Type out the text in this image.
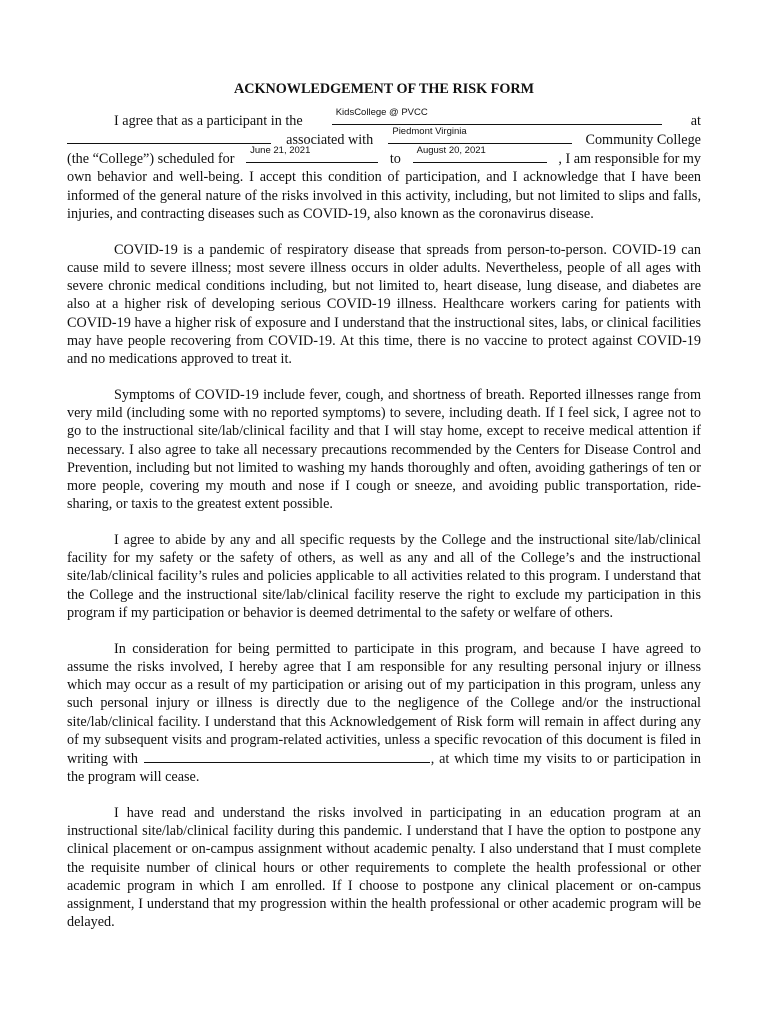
ACKNOWLEDGEMENT OF THE RISK FORM
I agree that as a participant in the
KidsCollege @ PVCC
at
associated with
Piedmont Virginia
Community College
(the “College”) scheduled for
June 21, 2021
to
August 20, 2021
, I am responsible for my
own behavior and well-being. I accept this condition of participation, and I acknowledge that I have been informed of the general nature of the risks involved in this activity, including, but not limited to slips and falls, injuries, and contracting diseases such as COVID-19, also known as the coronavirus disease.
COVID-19 is a pandemic of respiratory disease that spreads from person-to-person. COVID-19 can cause mild to severe illness; most severe illness occurs in older adults. Nevertheless, people of all ages with severe chronic medical conditions including, but not limited to, heart disease, lung disease, and diabetes are also at a higher risk of developing serious COVID-19 illness. Healthcare workers caring for patients with COVID-19 have a higher risk of exposure and I understand that the instructional sites, labs, or clinical facilities may have people recovering from COVID-19. At this time, there is no vaccine to protect against COVID-19 and no medications approved to treat it.
Symptoms of COVID-19 include fever, cough, and shortness of breath. Reported illnesses range from very mild (including some with no reported symptoms) to severe, including death. If I feel sick, I agree not to go to the instructional site/lab/clinical facility and that I will stay home, except to receive medical attention if necessary. I also agree to take all necessary precautions recommended by the Centers for Disease Control and Prevention, including but not limited to washing my hands thoroughly and often, avoiding gatherings of ten or more people, covering my mouth and nose if I cough or sneeze, and avoiding public transportation, ride-sharing, or taxis to the greatest extent possible.
I agree to abide by any and all specific requests by the College and the instructional site/lab/clinical facility for my safety or the safety of others, as well as any and all of the College’s and the instructional site/lab/clinical facility’s rules and policies applicable to all activities related to this program. I understand that the College and the instructional site/lab/clinical facility reserve the right to exclude my participation in this program if my participation or behavior is deemed detrimental to the safety or welfare of others.
In consideration for being permitted to participate in this program, and because I have agreed to assume the risks involved, I hereby agree that I am responsible for any resulting personal injury or illness which may occur as a result of my participation or arising out of my participation in this program, unless any such personal injury or illness is directly due to the negligence of the College and/or the instructional site/lab/clinical facility. I understand that this Acknowledgement of Risk form will remain in affect during any of my subsequent visits and program-related activities, unless a specific revocation of this document is filed in writing with	, at which time my visits to or participation in the program will cease.
I have read and understand the risks involved in participating in an education program at an instructional site/lab/clinical facility during this pandemic. I understand that I have the option to postpone any clinical placement or on-campus assignment without academic penalty. I also understand that I must complete the requisite number of clinical hours or other requirements to complete the health professional or other academic program in which I am enrolled. If I choose to postpone any clinical placement or on-campus assignment, I understand that my progression within the health professional or other academic program will be delayed.
